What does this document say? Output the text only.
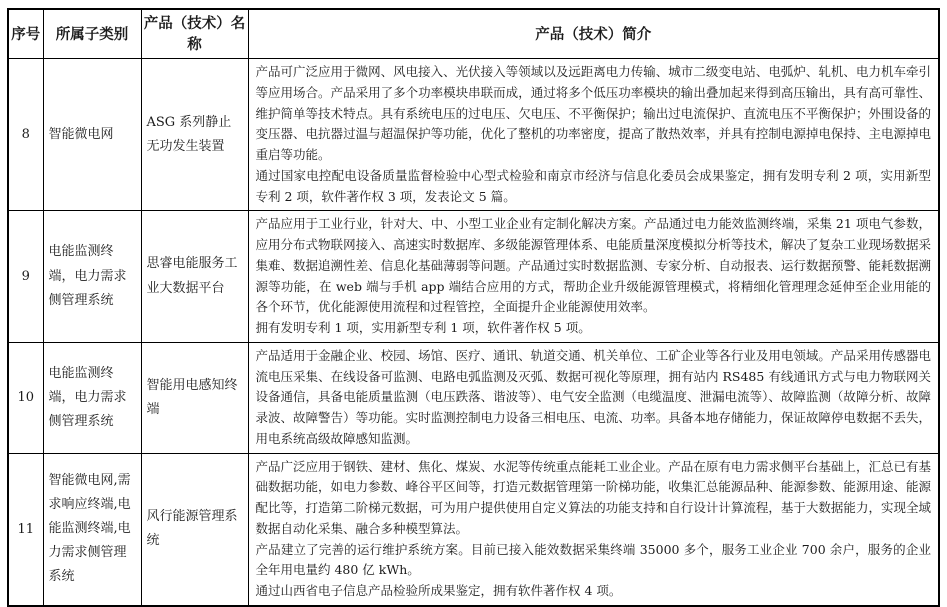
序号	所属子类别	产品（技术）名称	产品（技术）简介
8	智能微电网	ASG 系列静止无功发生装置	产品可广泛应用于微网、风电接入、光伏接入等领域以及远距离电力传输、城市二级变电站、电弧炉、轧机、电力机车牵引等应用场合。产品采用了多个功率模块串联而成，通过将多个低压功率模块的输出叠加起来得到高压输出，具有高可靠性、维护简单等技术特点。具有系统电压的过电压、欠电压、不平衡保护；输出过电流保护、直流电压不平衡保护；外围设备的变压器、电抗器过温与超温保护等功能，优化了整机的功率密度，提高了散热效率，并具有控制电源掉电保持、主电源掉电重启等功能。

通过国家电控配电设备质量监督检验中心型式检验和南京市经济与信息化委员会成果鉴定，拥有发明专利 2 项，实用新型专利 2 项，软件著作权 3 项，发表论文 5 篇。

9	电能监测终端，电力需求侧管理系统	思睿电能服务工业大数据平台	产品应用于工业行业，针对大、中、小型工业企业有定制化解决方案。产品通过电力能效监测终端，采集 21 项电气参数，应用分布式物联网接入、高速实时数据库、多级能源管理体系、电能质量深度模拟分析等技术，解决了复杂工业现场数据采集难、数据追溯性差、信息化基础薄弱等问题。产品通过实时数据监测、专家分析、自动报表、运行数据预警、能耗数据溯源等功能，在 web 端与手机 app 端结合应用的方式，帮助企业升级能源管理模式，将精细化管理理念延伸至企业用能的各个环节，优化能源使用流程和过程管控，全面提升企业能源使用效率。

拥有发明专利 1 项，实用新型专利 1 项，软件著作权 5 项。

10	电能监测终端，电力需求侧管理系统	智能用电感知终端	产品适用于金融企业、校园、场馆、医疗、通讯、轨道交通、机关单位、工矿企业等各行业及用电领域。产品采用传感器电流电压采集、在线设备可监测、电路电弧监测及灭弧、数据可视化等原理，拥有站内 RS485 有线通讯方式与电力物联网关设备通信，具备电能质量监测（电压跌落、谐波等）、电气安全监测（电缆温度、泄漏电流等）、故障监测（故障分析、故障录波、故障警告）等功能。实时监测控制电力设备三相电压、电流、功率。具备本地存储能力，保证故障停电数据不丢失，用电系统高级故障感知监测。

11	智能微电网,需求响应终端,电能监测终端,电力需求侧管理系统	风行能源管理系统	产品广泛应用于钢铁、建材、焦化、煤炭、水泥等传统重点能耗工业企业。产品在原有电力需求侧平台基础上，汇总已有基础数据功能，如电力参数、峰谷平区间等，打造元数据管理第一阶梯功能，收集汇总能源品种、能源参数、能源用途、能源配比等，打造第二阶梯元数据，可为用户提供使用自定义算法的功能支持和自行设计计算流程，基于大数据能力，实现全域数据自动化采集、融合多种模型算法。

产品建立了完善的运行维护系统方案。目前已接入能效数据采集终端 35000 多个，服务工业企业 700 余户，服务的企业全年用电量约 480 亿 kWh。

通过山西省电子信息产品检验所成果鉴定，拥有软件著作权 4 项。
